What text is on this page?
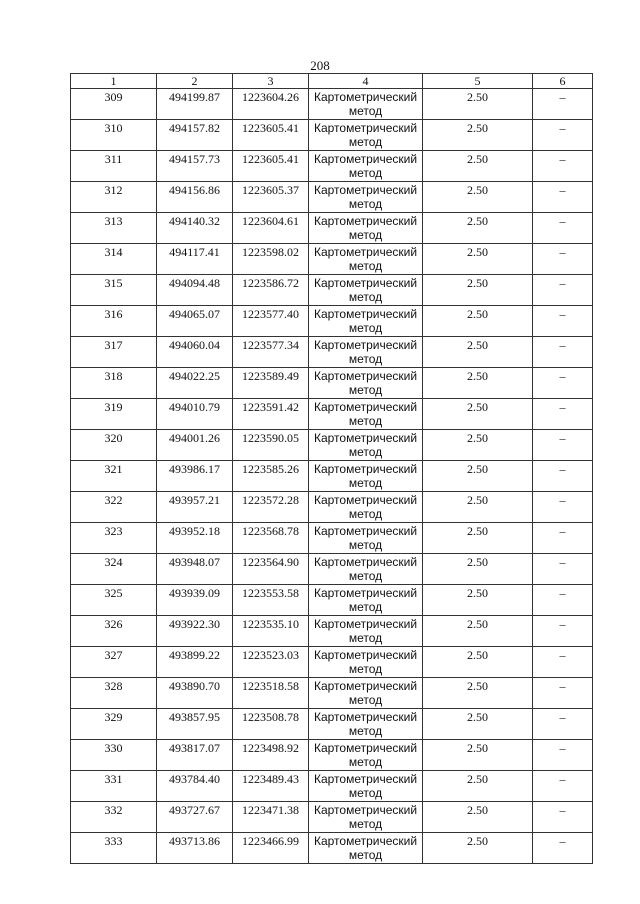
208
1	2	3	4	5	6
309	494199.87	1223604.26	Картометрический метод	2.50	–
310	494157.82	1223605.41	Картометрический метод	2.50	–
311	494157.73	1223605.41	Картометрический метод	2.50	–
312	494156.86	1223605.37	Картометрический метод	2.50	–
313	494140.32	1223604.61	Картометрический метод	2.50	–
314	494117.41	1223598.02	Картометрический метод	2.50	–
315	494094.48	1223586.72	Картометрический метод	2.50	–
316	494065.07	1223577.40	Картометрический метод	2.50	–
317	494060.04	1223577.34	Картометрический метод	2.50	–
318	494022.25	1223589.49	Картометрический метод	2.50	–
319	494010.79	1223591.42	Картометрический метод	2.50	–
320	494001.26	1223590.05	Картометрический метод	2.50	–
321	493986.17	1223585.26	Картометрический метод	2.50	–
322	493957.21	1223572.28	Картометрический метод	2.50	–
323	493952.18	1223568.78	Картометрический метод	2.50	–
324	493948.07	1223564.90	Картометрический метод	2.50	–
325	493939.09	1223553.58	Картометрический метод	2.50	–
326	493922.30	1223535.10	Картометрический метод	2.50	–
327	493899.22	1223523.03	Картометрический метод	2.50	–
328	493890.70	1223518.58	Картометрический метод	2.50	–
329	493857.95	1223508.78	Картометрический метод	2.50	–
330	493817.07	1223498.92	Картометрический метод	2.50	–
331	493784.40	1223489.43	Картометрический метод	2.50	–
332	493727.67	1223471.38	Картометрический метод	2.50	–
333	493713.86	1223466.99	Картометрический метод	2.50	–
